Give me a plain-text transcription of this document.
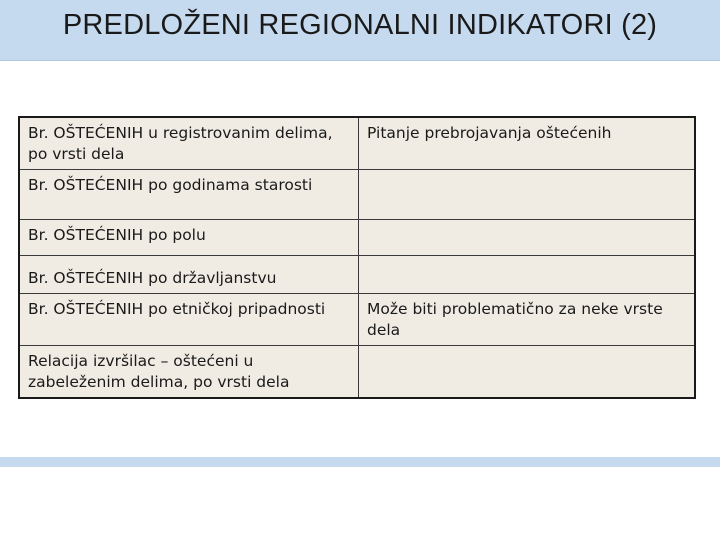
PREDLOŽENI REGIONALNI INDIKATORI (2)
Br. OŠTEĆENIH u registrovanim delima, po vrsti dela	Pitanje prebrojavanja oštećenih
Br. OŠTEĆENIH po godinama starosti	
Br. OŠTEĆENIH po polu	
Br. OŠTEĆENIH po državljanstvu	
Br. OŠTEĆENIH po etničkoj pripadnosti	Može biti problematično za neke vrste dela
Relacija izvršilac – oštećeni u zabeleženim delima, po vrsti dela	
